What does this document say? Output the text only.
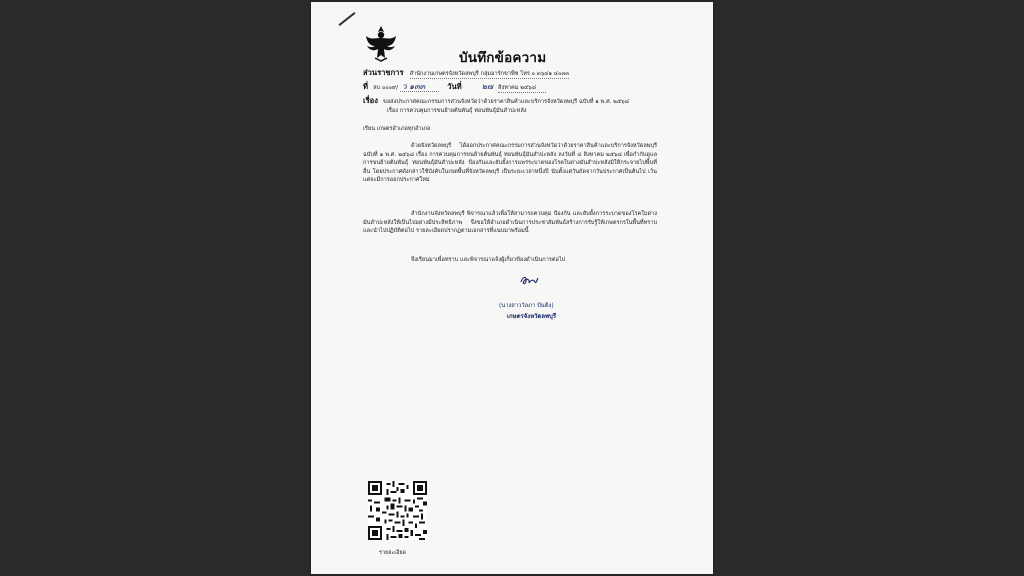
บันทึกข้อความ
ส่วนราชการ สำนักงานเกษตรจังหวัดลพบุรี กลุ่มอารักขาพืช โทร ๐ ๓๖๔๑ ๔๐๓๓
ที่ ลบ ๐๐๐๙/ ว ๑๓๓	วันที่	๒๗ สิงหาคม ๒๕๖๘
เรื่อง ขอส่งประกาศคณะกรรมการส่วนจังหวัดว่าด้วยราคาสินค้าและบริการจังหวัดลพบุรี ฉบับที่ ๑ พ.ศ. ๒๕๖๘
เรื่อง การควบคุมการขนย้ายต้นพันธุ์ ท่อนพันธุ์มันสำปะหลัง
เรียน เกษตรอำเภอทุกอำเภอ
ด้วยจังหวัดลพบุรี ได้ออกประกาศคณะกรรมการส่วนจังหวัดว่าด้วยราคาสินค้าและบริการจังหวัดลพบุรี ฉบับที่ ๑ พ.ศ. ๒๕๖๘ เรื่อง การควบคุมการขนย้ายต้นพันธุ์ ท่อนพันธุ์มันสำปะหลัง ลงวันที่ ๔ สิงหาคม ๒๕๖๘ เพื่อกำกับดูแล การขนย้ายต้นพันธุ์ ท่อนพันธุ์มันสำปะหลัง ป้องกันและยับยั้งการแพร่ระบาดของโรคใบด่างมันสำปะหลังมิให้กระจายไปพื้นที่อื่น โดยประกาศดังกล่าวใช้บังคับในเขตพื้นที่จังหวัดลพบุรี เป็นระยะเวลาหนึ่งปี นับตั้งแต่วันถัดจากวันประกาศเป็นต้นไป เว้นแต่จะมีการออกประกาศใหม่
สำนักงานจังหวัดลพบุรี พิจารณาแล้วเพื่อให้สามารถควบคุม ป้องกัน และยับยั้งการระบาดของโรคใบด่างมันสำปะหลังให้เป็นไปอย่างมีประสิทธิภาพ จึงขอให้อำเภอดำเนินการประชาสัมพันธ์สร้างการรับรู้ให้เกษตรกรในพื้นที่ทราบและนำไปปฏิบัติต่อไป รายละเอียดปรากฏตามเอกสารที่แนบมาพร้อมนี้
จึงเรียนมาเพื่อทราบ และพิจารณาแจ้งผู้เกี่ยวข้องดำเนินการต่อไป
(นางสาววัลภา ปันติง)
เกษตรจังหวัดลพบุรี
รายละเอียด
